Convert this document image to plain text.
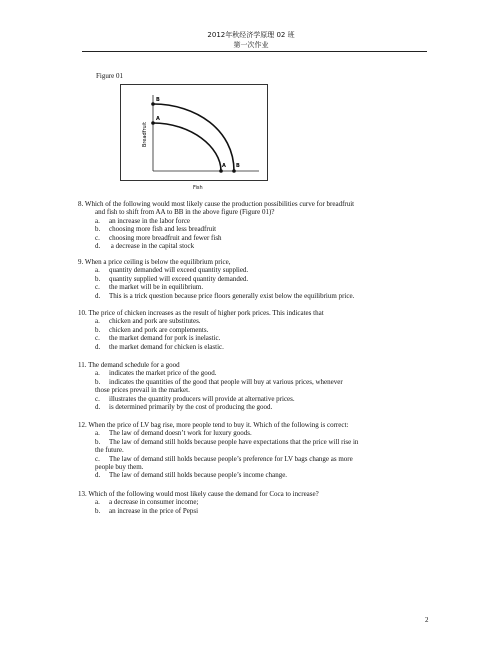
2012年秋经济学原理 02 班
第一次作业
Figure 01
B
A
A B
Breadfruit
Fish
8. Which of the following would most likely cause the production possibilities curve for breadfruit
and fish to shift from AA to BB in the above figure (Figure 01)?
a. an increase in the labor force
b. choosing more fish and less breadfruit
c. choosing more breadfruit and fewer fish
d. a decrease in the capital stock
9. When a price ceiling is below the equilibrium price,
a. quantity demanded will exceed quantity supplied.
b. quantity supplied will exceed quantity demanded.
c. the market will be in equilibrium.
d. This is a trick question because price floors generally exist below the equilibrium price.
10. The price of chicken increases as the result of higher pork prices. This indicates that
a. chicken and pork are substitutes.
b. chicken and pork are complements.
c. the market demand for pork is inelastic.
d. the market demand for chicken is elastic.
11. The demand schedule for a good
a. indicates the market price of the good.
b. indicates the quantities of the good that people will buy at various prices, whenever
those prices prevail in the market.
c. illustrates the quantity producers will provide at alternative prices.
d. is determined primarily by the cost of producing the good.
12. When the price of LV bag rise, more people tend to buy it. Which of the following is correct:
a. The law of demand doesn’t work for luxury goods.
b. The law of demand still holds because people have expectations that the price will rise in
the future.
c. The law of demand still holds because people’s preference for LV bags change as more
people buy them.
d. The law of demand still holds because people’s income change.
13. Which of the following would most likely cause the demand for Coca to increase?
a. a decrease in consumer income;
b. an increase in the price of Pepsi
2
